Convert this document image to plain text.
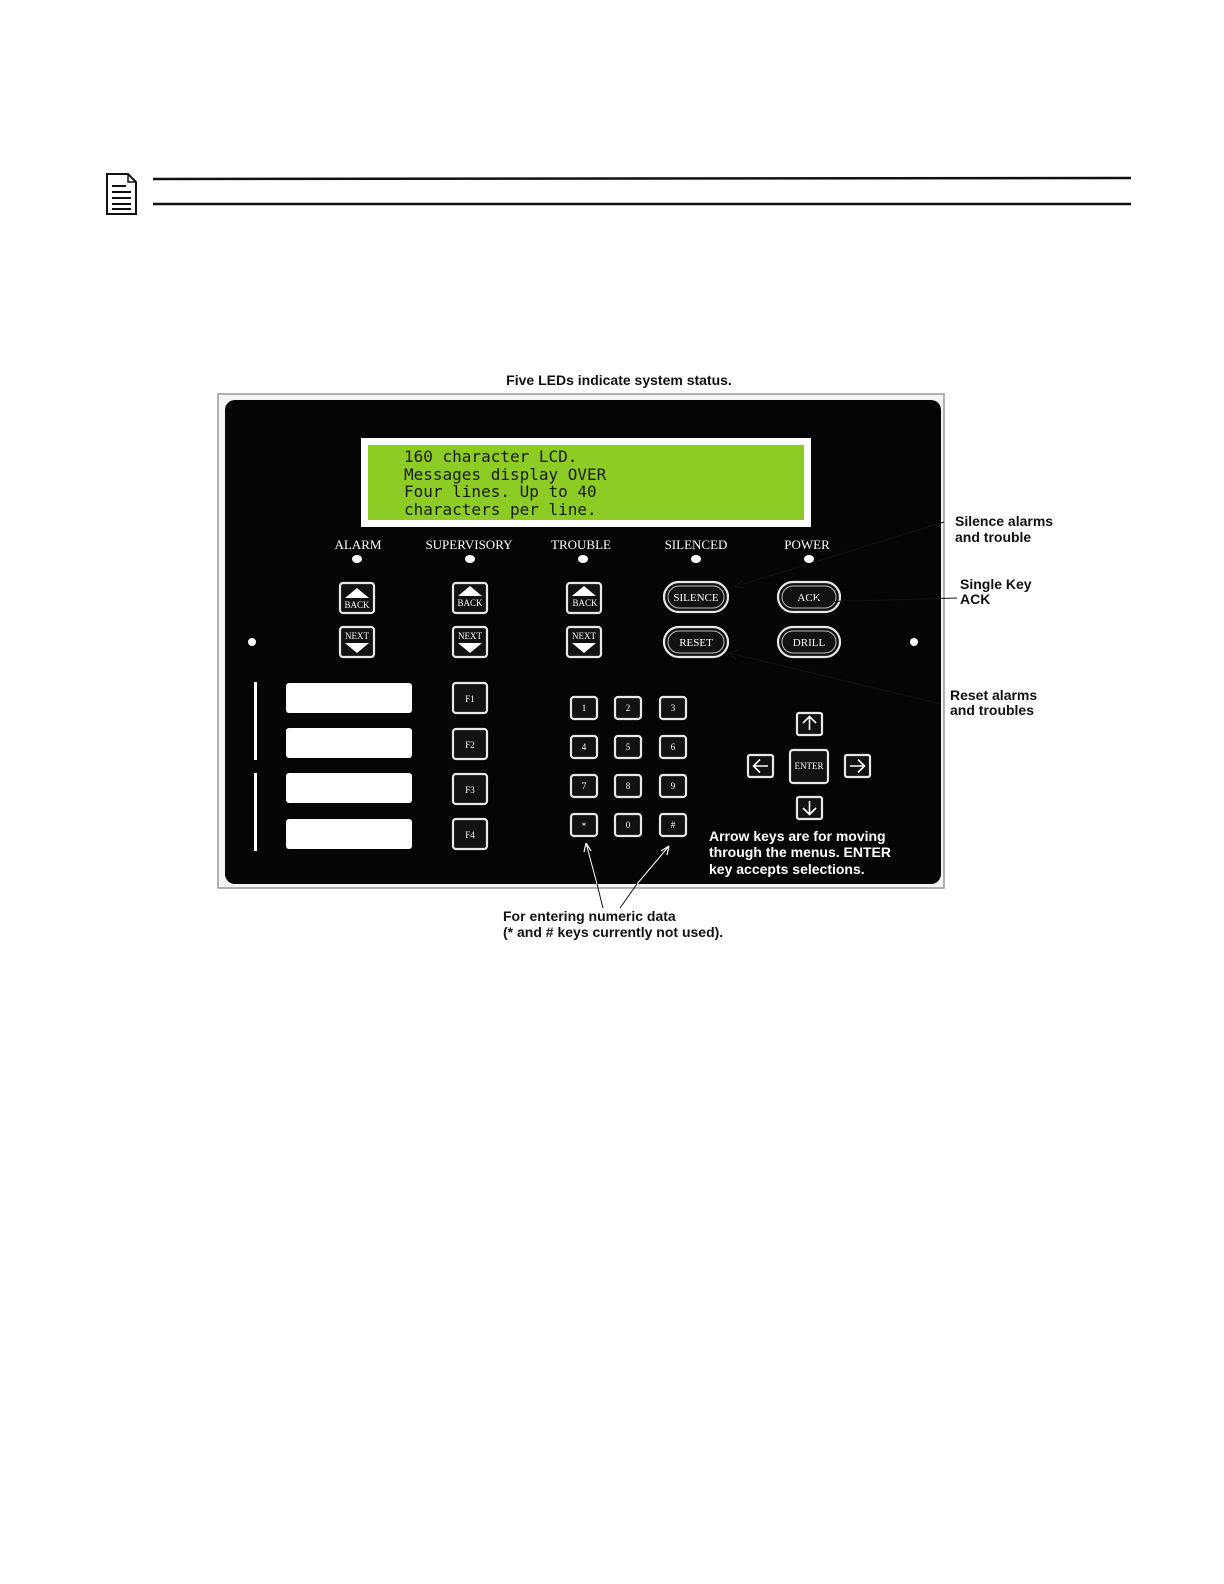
Five LEDs indicate system status.
160 character LCD.
Messages display OVER
Four lines. Up to 40
characters per line.
ALARM	SUPERVISORY	TROUBLE	SILENCED	POWER
BACK	BACK	BACK
NEXT	NEXT	NEXT
SILENCE	ACK
RESET	DRILL
F1
F2
F3
F4
1	2	3
4	5	6
7	8	9
*	0	#
ENTER
Arrow keys are for moving
through the menus. ENTER
key accepts selections.
Silence alarms
and trouble
Single Key
ACK
Reset alarms
and troubles
For entering numeric data
(* and # keys currently not used).
